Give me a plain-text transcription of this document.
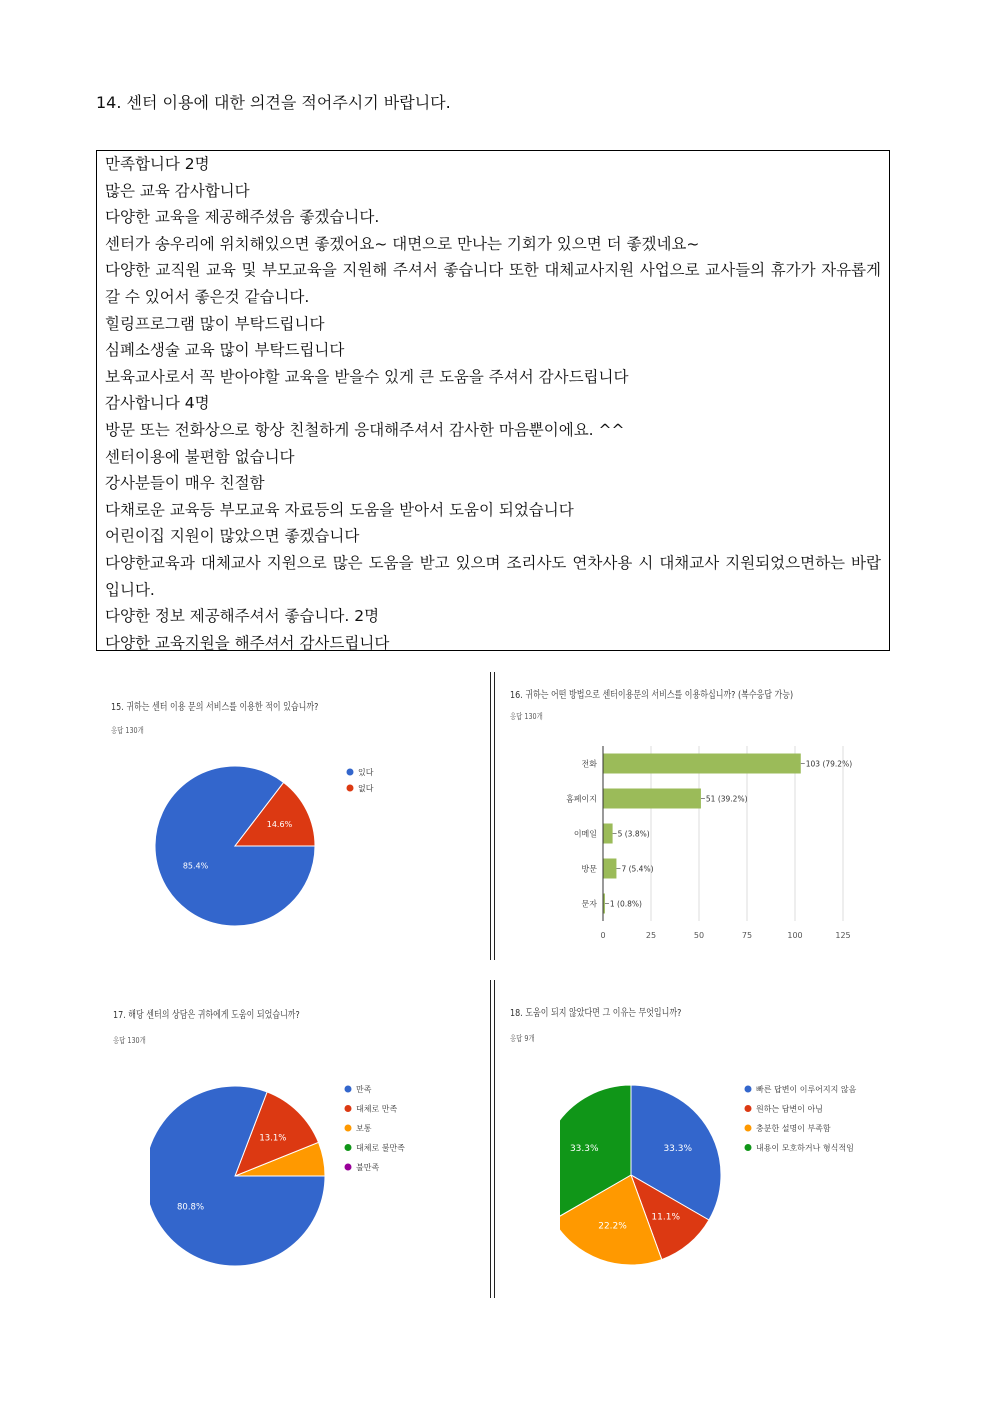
14. 센터 이용에 대한 의견을 적어주시기 바랍니다.
만족합니다 2명
많은 교육 감사합니다
다양한 교육을 제공해주셨음 좋겠습니다.
센터가 송우리에 위치해있으면 좋겠어요~ 대면으로 만나는 기회가 있으면 더 좋겠네요~
다양한 교직원 교육 및 부모교육을 지원해 주셔서 좋습니다 또한 대체교사지원 사업으로 교사들의 휴가가 자유롭게 갈 수 있어서 좋은것 같습니다.
힐링프로그램 많이 부탁드립니다
심폐소생술 교육 많이 부탁드립니다
보육교사로서 꼭 받아야할 교육을 받을수 있게 큰 도움을 주셔서 감사드립니다
감사합니다 4명
방문 또는 전화상으로 항상 친철하게 응대해주셔서 감사한 마음뿐이에요. ^^
센터이용에 불편함 없습니다
강사분들이 매우 친절함
다채로운 교육등 부모교육 자료등의 도움을 받아서 도움이 되었습니다
어린이집 지원이 많았으면 좋겠습니다
다양한교육과 대체교사 지원으로 많은 도움을 받고 있으며 조리사도 연차사용 시 대채교사 지원되었으면하는 바랍입니다.
다양한 정보 제공해주셔서 좋습니다. 2명
다양한 교육지원을 해주셔서 감사드립니다
15. 귀하는 센터 이용 문의 서비스를 이용한 적이 있습니까?
응답 130개
85.4%
14.6%
있다
없다
16. 귀하는 어떤 방법으로 센터이용문의 서비스를 이용하십니까? (복수응답 가능)
응답 130개
0	25	50	75	100	125
103 (79.2%)
51 (39.2%)
5 (3.8%)
7 (5.4%)
1 (0.8%)
전화
홈페이지
이메일
방문
문자
17. 해당 센터의 상담은 귀하에게 도움이 되었습니까?
응답 130개
13.1%
80.8%
만족
대체로 만족
보통
대체로 불만족
불만족
18. 도움이 되지 않았다면 그 이유는 무엇입니까?
응답 9개
33.3%
11.1%
22.2%
33.3%
빠른 답변이 이루어지지 않음
원하는 답변이 아님
충분한 설명이 부족함
내용이 모호하거나 형식적임
